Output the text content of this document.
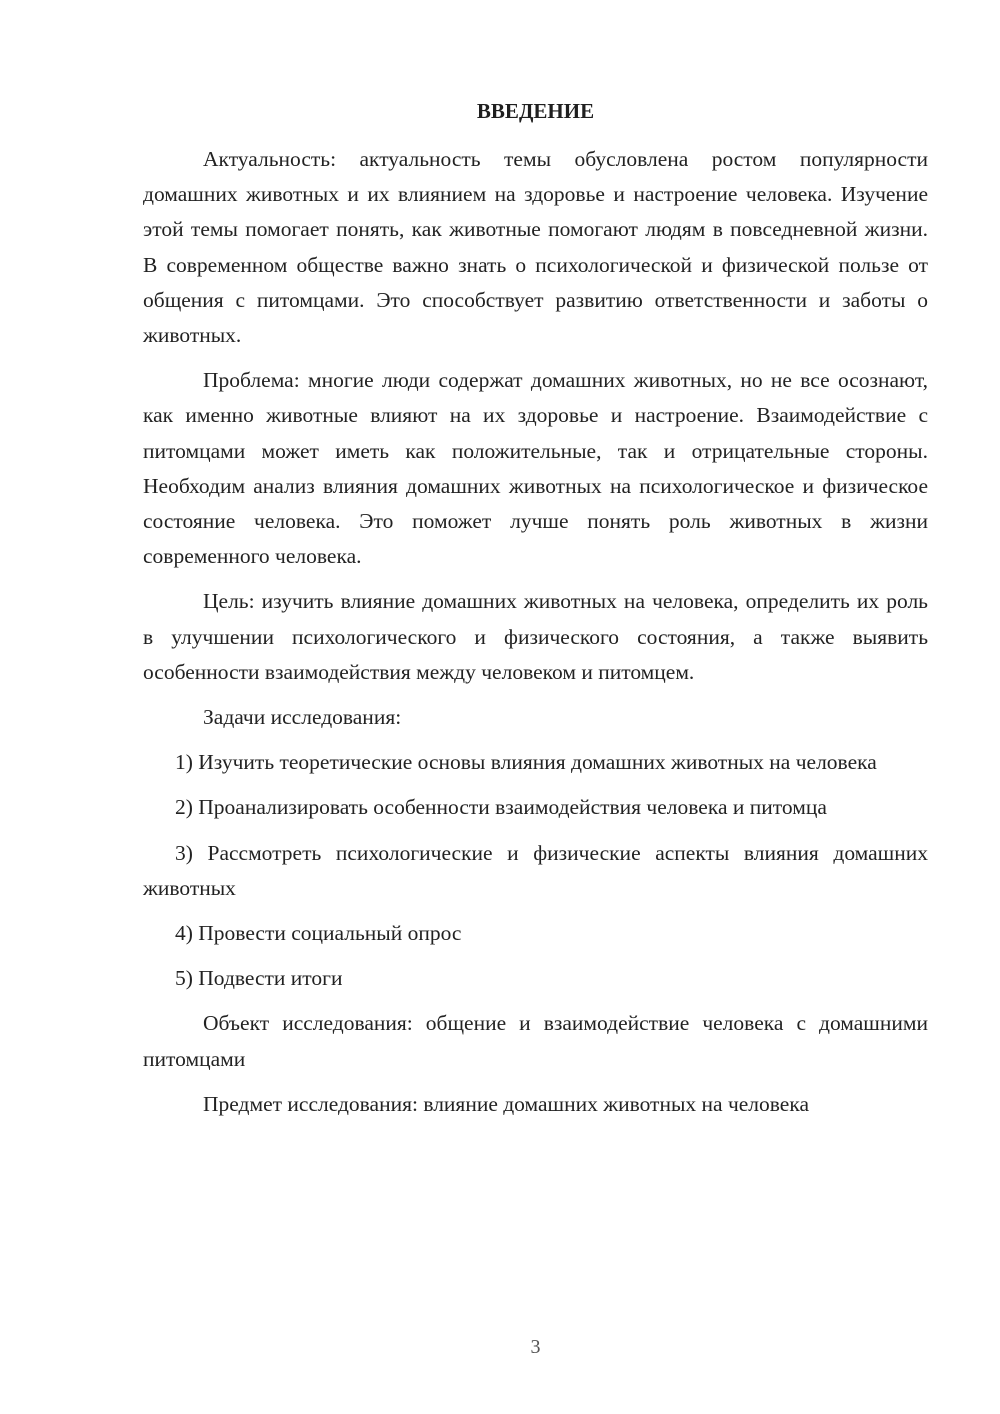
ВВЕДЕНИЕ

Актуальность: актуальность темы обусловлена ростом популярности домашних животных и их влиянием на здоровье и настроение человека. Изучение этой темы помогает понять, как животные помогают людям в повседневной жизни. В современном обществе важно знать о психологической и физической пользе от общения с питомцами. Это способствует развитию ответственности и заботы о животных.

Проблема: многие люди содержат домашних животных, но не все осознают, как именно животные влияют на их здоровье и настроение. Взаимодействие с питомцами может иметь как положительные, так и отрицательные стороны. Необходим анализ влияния домашних животных на психологическое и физическое состояние человека. Это поможет лучше понять роль животных в жизни современного человека.

Цель: изучить влияние домашних животных на человека, определить их роль в улучшении психологического и физического состояния, а также выявить особенности взаимодействия между человеком и питомцем.

Задачи исследования:

1) Изучить теоретические основы влияния домашних животных на человека

2) Проанализировать особенности взаимодействия человека и питомца

3) Рассмотреть психологические и физические аспекты влияния домашних животных

4) Провести социальный опрос

5) Подвести итоги

Объект исследования: общение и взаимодействие человека с домашними питомцами

Предмет исследования: влияние домашних животных на человека

3
